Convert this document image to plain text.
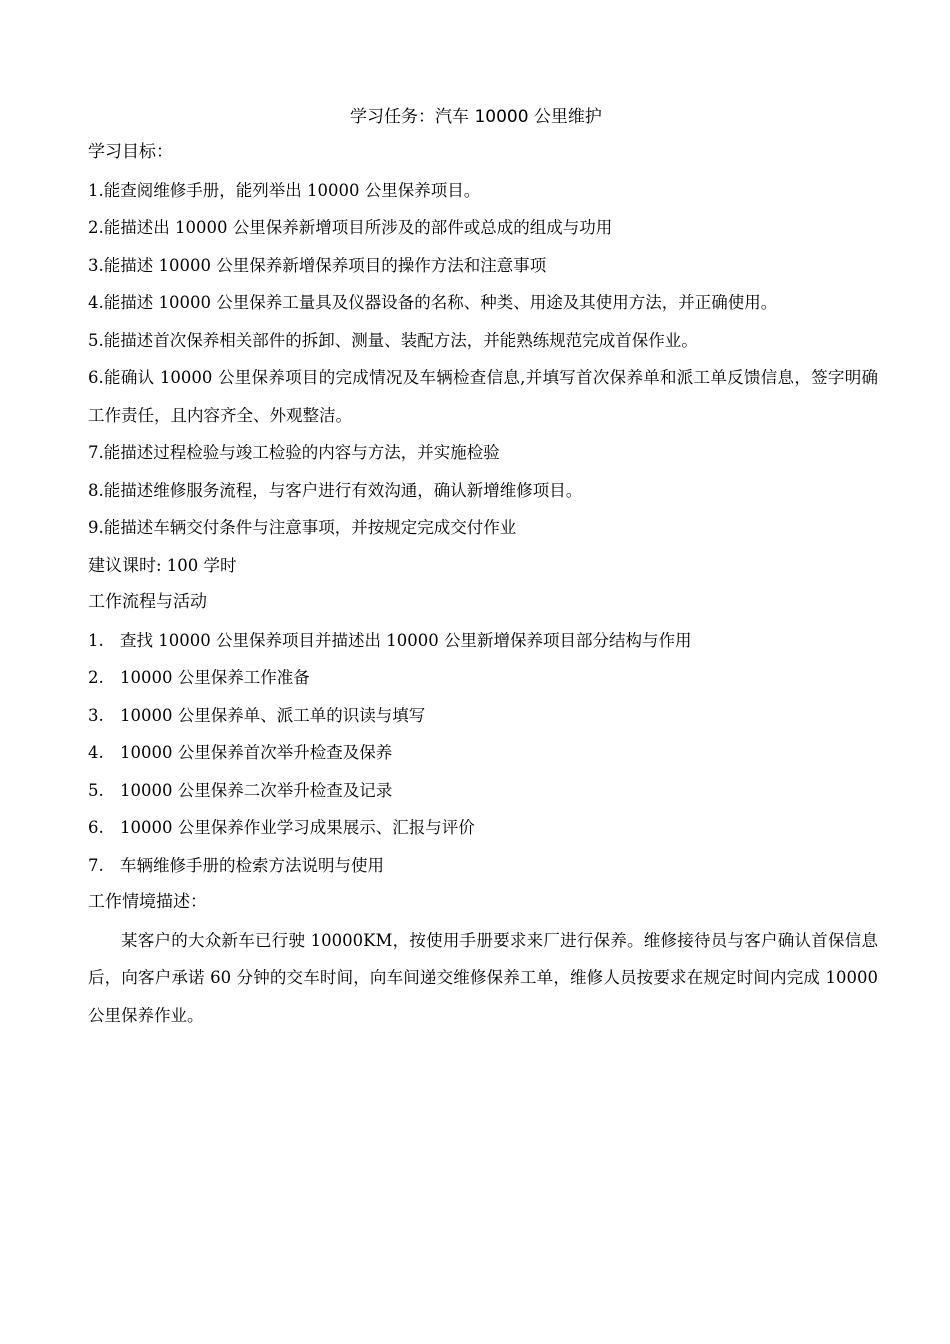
学习任务：汽车 10000 公里维护
学习目标：
1.能查阅维修手册，能列举出 10000 公里保养项目。
2.能描述出 10000 公里保养新增项目所涉及的部件或总成的组成与功用
3.能描述 10000 公里保养新增保养项目的操作方法和注意事项
4.能描述 10000 公里保养工量具及仪器设备的名称、种类、用途及其使用方法，并正确使用。
5.能描述首次保养相关部件的拆卸、测量、装配方法，并能熟练规范完成首保作业。
6.能确认 10000 公里保养项目的完成情况及车辆检查信息,并填写首次保养单和派工单反馈信息，签字明确工作责任，且内容齐全、外观整洁。
7.能描述过程检验与竣工检验的内容与方法，并实施检验
8.能描述维修服务流程，与客户进行有效沟通，确认新增维修项目。
9.能描述车辆交付条件与注意事项，并按规定完成交付作业
建议课时: 100 学时
工作流程与活动
1. 查找 10000 公里保养项目并描述出 10000 公里新增保养项目部分结构与作用
2. 10000 公里保养工作准备
3. 10000 公里保养单、派工单的识读与填写
4. 10000 公里保养首次举升检查及保养
5. 10000 公里保养二次举升检查及记录
6. 10000 公里保养作业学习成果展示、汇报与评价
7. 车辆维修手册的检索方法说明与使用
工作情境描述：

某客户的大众新车已行驶 10000KM，按使用手册要求来厂进行保养。维修接待员与客户确认首保信息后，向客户承诺 60 分钟的交车时间，向车间递交维修保养工单，维修人员按要求在规定时间内完成 10000 公里保养作业。
